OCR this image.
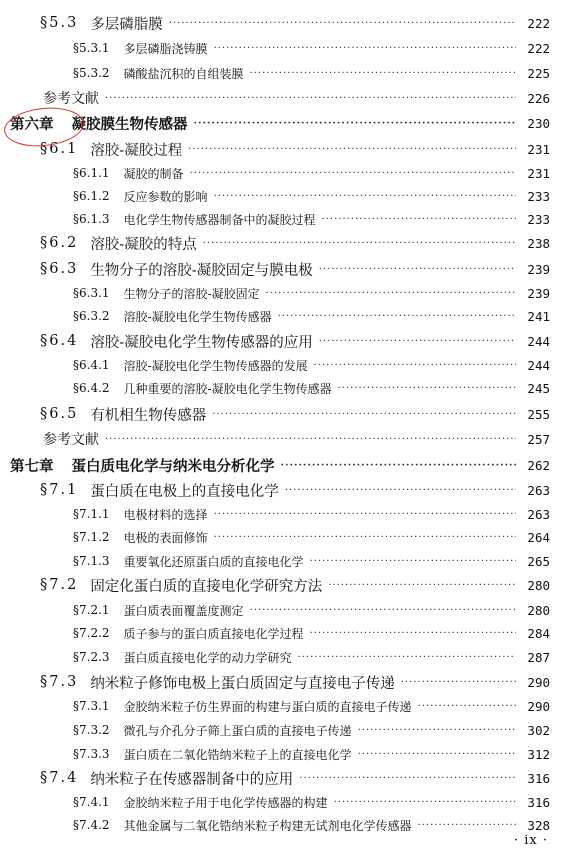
§5.3 多层磷脂膜 ·····	222
§5.3.1 多层磷脂浇铸膜 ·····	222
§5.3.2 磷酸盐沉积的自组装膜 ·····	225
参考文献 ·····	226
第六章 凝胶膜生物传感器 ·····	230
§6.1 溶胶-凝胶过程 ·····	231
§6.1.1 凝胶的制备 ·····	231
§6.1.2 反应参数的影响 ·····	233
§6.1.3 电化学生物传感器制备中的凝胶过程 ·····	233
§6.2 溶胶-凝胶的特点 ·····	238
§6.3 生物分子的溶胶-凝胶固定与膜电极 ·····	239
§6.3.1 生物分子的溶胶-凝胶固定 ·····	239
§6.3.2 溶胶-凝胶电化学生物传感器 ·····	241
§6.4 溶胶-凝胶电化学生物传感器的应用 ·····	244
§6.4.1 溶胶-凝胶电化学生物传感器的发展 ·····	244
§6.4.2 几种重要的溶胶-凝胶电化学生物传感器 ·····	245
§6.5 有机相生物传感器 ·····	255
参考文献 ·····	257
第七章 蛋白质电化学与纳米电分析化学 ·····	262
§7.1 蛋白质在电极上的直接电化学 ·····	263
§7.1.1 电极材料的选择 ·····	263
§7.1.2 电极的表面修饰 ·····	264
§7.1.3 重要氧化还原蛋白质的直接电化学 ·····	265
§7.2 固定化蛋白质的直接电化学研究方法 ·····	280
§7.2.1 蛋白质表面覆盖度测定 ·····	280
§7.2.2 质子参与的蛋白质直接电化学过程 ·····	284
§7.2.3 蛋白质直接电化学的动力学研究 ·····	287
§7.3 纳米粒子修饰电极上蛋白质固定与直接电子传递 ·····	290
§7.3.1 金胶纳米粒子仿生界面的构建与蛋白质的直接电子传递 ·····	290
§7.3.2 微孔与介孔分子筛上蛋白质的直接电子传递 ·····	302
§7.3.3 蛋白质在二氧化锆纳米粒子上的直接电化学 ·····	312
§7.4 纳米粒子在传感器制备中的应用 ·····	316
§7.4.1 金胶纳米粒子用于电化学传感器的构建 ·····	316
§7.4.2 其他金属与二氧化锆纳米粒子构建无试剂电化学传感器 ·····	328
· ix ·
